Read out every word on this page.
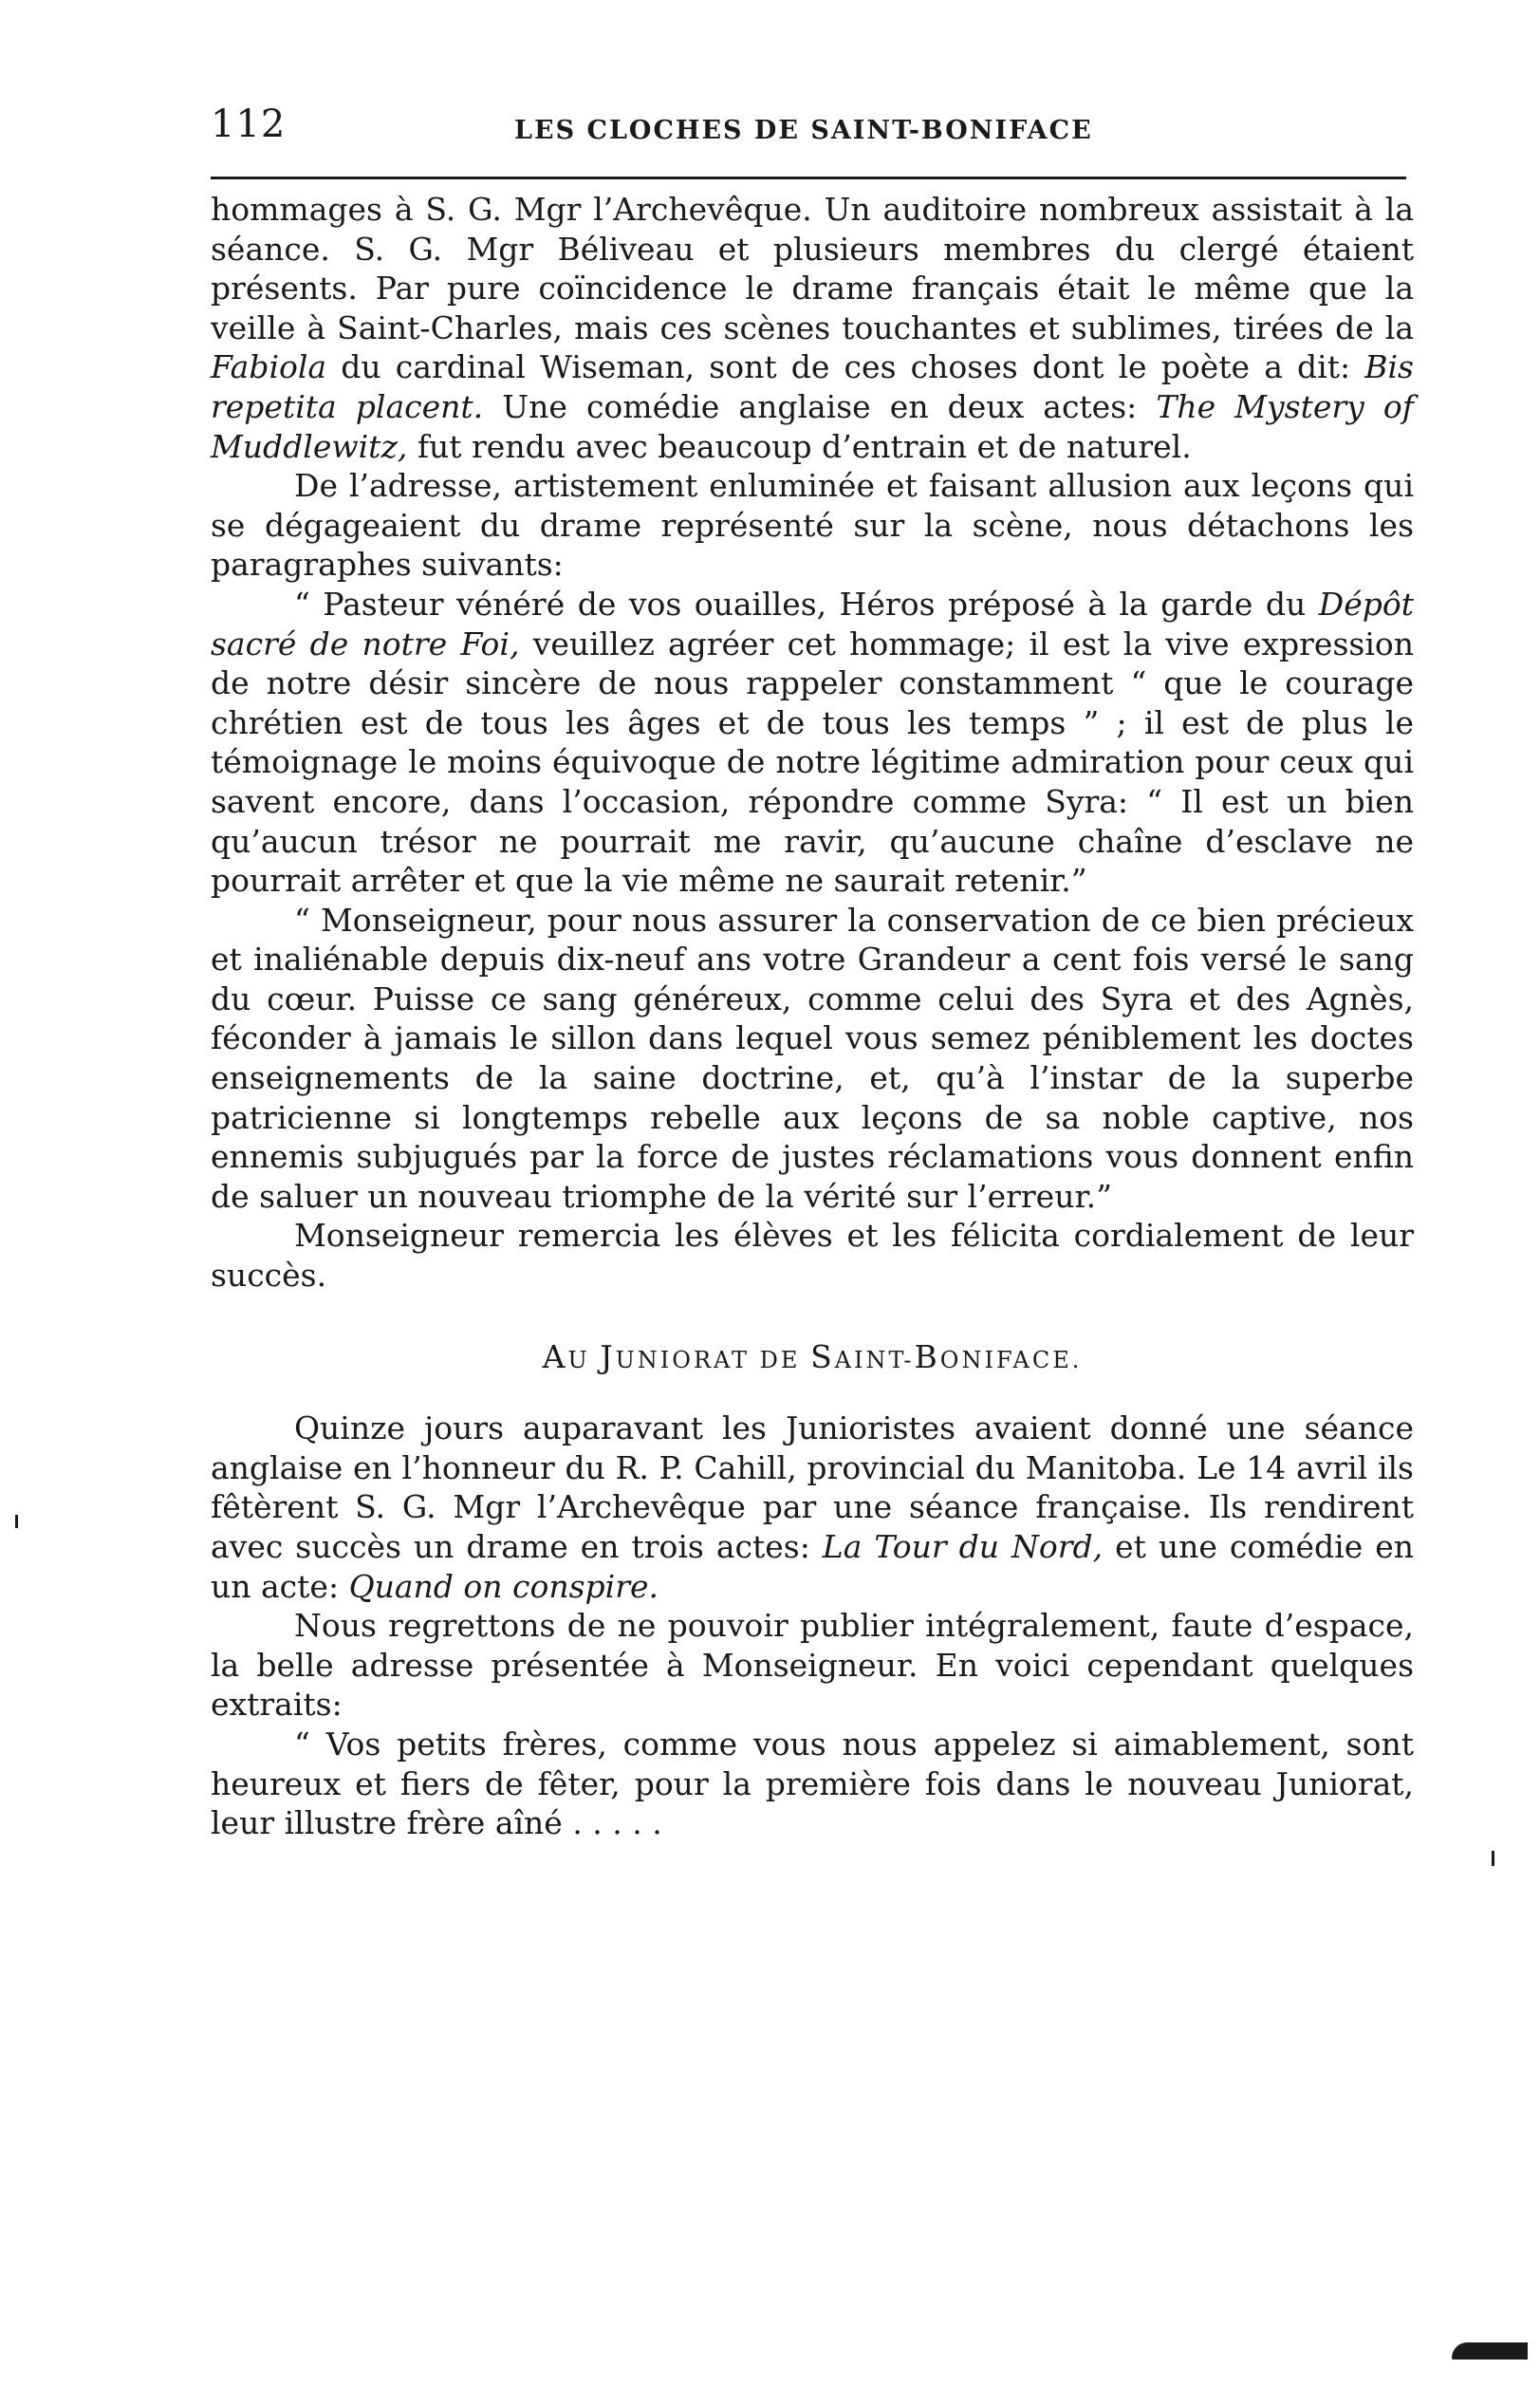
112	LES CLOCHES DE SAINT-BONIFACE

hommages à S. G. Mgr l’Archevêque. Un auditoire nombreux assistait à la séance. S. G. Mgr Béliveau et plusieurs membres du clergé étaient présents. Par pure coïncidence le drame français était le même que la veille à Saint-Charles, mais ces scènes touchantes et sublimes, tirées de la Fabiola du cardinal Wiseman, sont de ces choses dont le poète a dit: Bis repetita placent. Une comédie anglaise en deux actes: The Mystery of Muddlewitz, fut rendu avec beaucoup d’entrain et de naturel.

De l’adresse, artistement enluminée et faisant allusion aux leçons qui se dégageaient du drame représenté sur la scène, nous détachons les paragraphes suivants:

“ Pasteur vénéré de vos ouailles, Héros préposé à la garde du Dépôt sacré de notre Foi, veuillez agréer cet hommage; il est la vive expression de notre désir sincère de nous rappeler constamment “ que le courage chrétien est de tous les âges et de tous les temps ” ; il est de plus le témoignage le moins équivoque de notre légitime admiration pour ceux qui savent encore, dans l’occasion, répondre comme Syra: “ Il est un bien qu’aucun trésor ne pourrait me ravir, qu’aucune chaîne d’esclave ne pourrait arrêter et que la vie même ne saurait retenir.”

“ Monseigneur, pour nous assurer la conservation de ce bien précieux et inaliénable depuis dix-neuf ans votre Grandeur a cent fois versé le sang du cœur. Puisse ce sang généreux, comme celui des Syra et des Agnès, féconder à jamais le sillon dans lequel vous semez péniblement les doctes enseignements de la saine doctrine, et, qu’à l’instar de la superbe patricienne si longtemps rebelle aux leçons de sa noble captive, nos ennemis subjugués par la force de justes réclamations vous donnent enfin de saluer un nouveau triomphe de la vérité sur l’erreur.”

Monseigneur remercia les élèves et les félicita cordialement de leur succès.

AU JUNIORAT DE SAINT-BONIFACE.

Quinze jours auparavant les Junioristes avaient donné une séance anglaise en l’honneur du R. P. Cahill, provincial du Manitoba. Le 14 avril ils fêtèrent S. G. Mgr l’Archevêque par une séance française. Ils rendirent avec succès un drame en trois actes: La Tour du Nord, et une comédie en un acte: Quand on conspire.

Nous regrettons de ne pouvoir publier intégralement, faute d’espace, la belle adresse présentée à Monseigneur. En voici cependant quelques extraits:

“ Vos petits frères, comme vous nous appelez si aimablement, sont heureux et fiers de fêter, pour la première fois dans le nouveau Juniorat, leur illustre frère aîné . . . . .
